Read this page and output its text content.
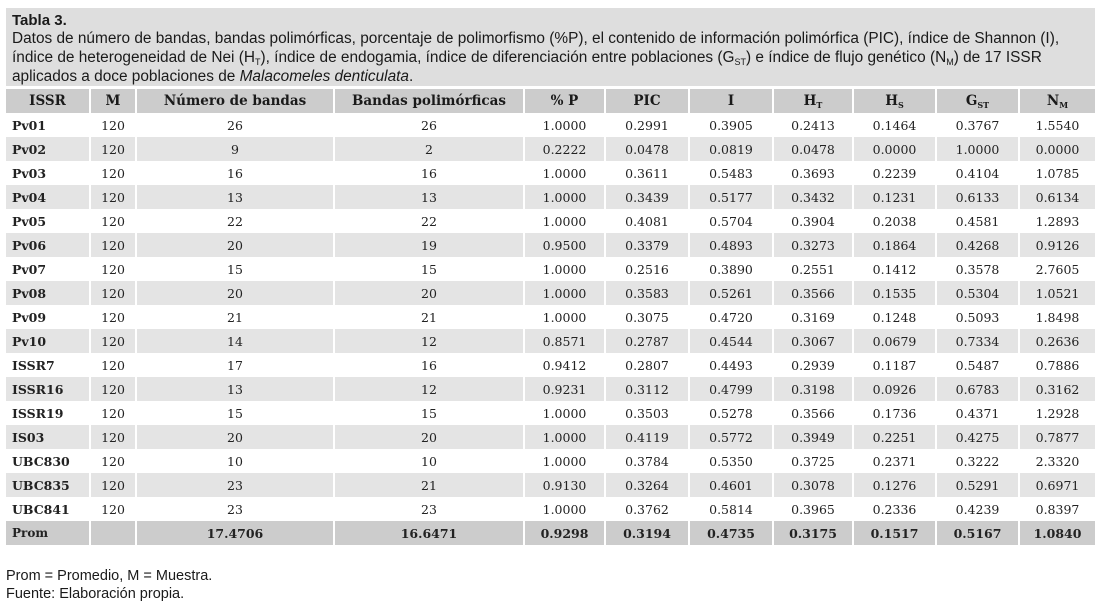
Tabla 3.
Datos de número de bandas, bandas polimórficas, porcentaje de polimorfismo (%P), el contenido de información polimórfica (PIC), índice de Shannon (I), índice de heterogeneidad de Nei $(H_T)$, índice de endogamia, índice de diferenciación entre poblaciones $(G_{ST})$ e índice de flujo genético $(N_M)$ de 17 ISSR aplicados a doce poblaciones de Malacomeles denticulata.
ISSR	M	Número de bandas	Bandas polimórficas	% P	PIC	I	$H_T$	$H_S$	$G_{ST}$	$N_M$
Pv01	120	26	26	1.0000	0.2991	0.3905	0.2413	0.1464	0.3767	1.5540
Pv02	120	9	2	0.2222	0.0478	0.0819	0.0478	0.0000	1.0000	0.0000
Pv03	120	16	16	1.0000	0.3611	0.5483	0.3693	0.2239	0.4104	1.0785
Pv04	120	13	13	1.0000	0.3439	0.5177	0.3432	0.1231	0.6133	0.6134
Pv05	120	22	22	1.0000	0.4081	0.5704	0.3904	0.2038	0.4581	1.2893
Pv06	120	20	19	0.9500	0.3379	0.4893	0.3273	0.1864	0.4268	0.9126
Pv07	120	15	15	1.0000	0.2516	0.3890	0.2551	0.1412	0.3578	2.7605
Pv08	120	20	20	1.0000	0.3583	0.5261	0.3566	0.1535	0.5304	1.0521
Pv09	120	21	21	1.0000	0.3075	0.4720	0.3169	0.1248	0.5093	1.8498
Pv10	120	14	12	0.8571	0.2787	0.4544	0.3067	0.0679	0.7334	0.2636
ISSR7	120	17	16	0.9412	0.2807	0.4493	0.2939	0.1187	0.5487	0.7886
ISSR16	120	13	12	0.9231	0.3112	0.4799	0.3198	0.0926	0.6783	0.3162
ISSR19	120	15	15	1.0000	0.3503	0.5278	0.3566	0.1736	0.4371	1.2928
IS03	120	20	20	1.0000	0.4119	0.5772	0.3949	0.2251	0.4275	0.7877
UBC830	120	10	10	1.0000	0.3784	0.5350	0.3725	0.2371	0.3222	2.3320
UBC835	120	23	21	0.9130	0.3264	0.4601	0.3078	0.1276	0.5291	0.6971
UBC841	120	23	23	1.0000	0.3762	0.5814	0.3965	0.2336	0.4239	0.8397
Prom		17.4706	16.6471	0.9298	0.3194	0.4735	0.3175	0.1517	0.5167	1.0840
Prom = Promedio, M = Muestra.
Fuente: Elaboración propia.
